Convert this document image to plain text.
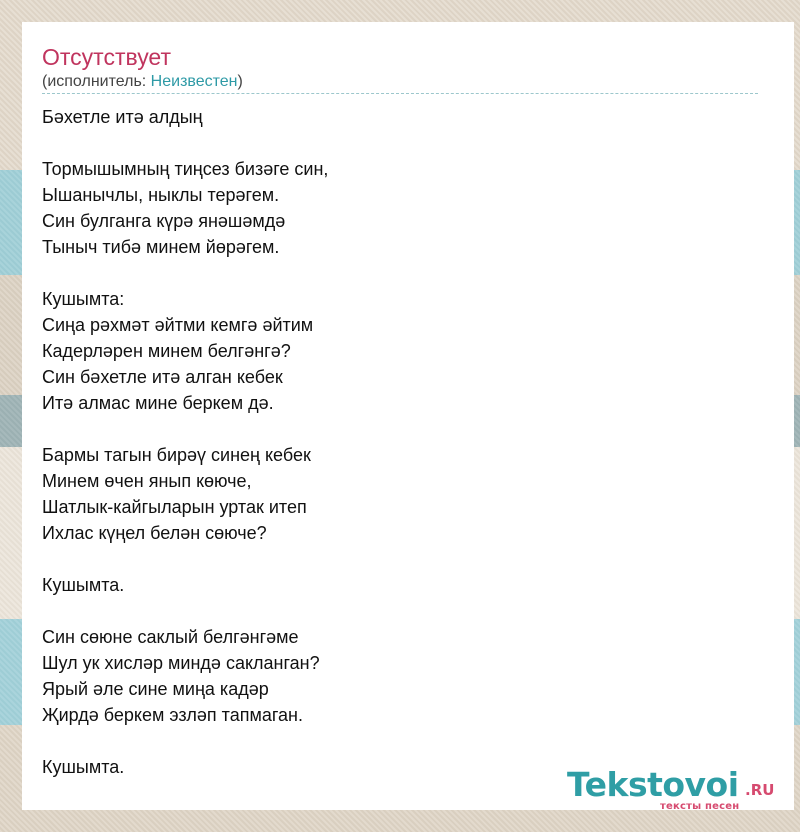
Отсутствует
(исполнитель: Неизвестен)
Бәхетле итә алдың
Тормышымның тиңсез бизәге син,
Ышанычлы, ныклы терәгем.
Син булганга күрә янәшәмдә
Тыныч тибә минем йөрәгем.
Кушымта:
Сиңа рәхмәт әйтми кемгә әйтим
Кадерләрен минем белгәнгә?
Син бәхетле итә алган кебек
Итә алмас мине беркем дә.
Бармы тагын бирәү синең кебек
Минем өчен янып көюче,
Шатлык-кайгыларын уртак итеп
Ихлас күңел белән сөюче?
Кушымта.
Син сөюне саклый белгәнгәме
Шул ук хисләр миндә сакланган?
Ярый әле сине миңа кадәр
Җирдә беркем эзләп тапмаган.
Кушымта.	Tekstovoi .RU
тексты песен
